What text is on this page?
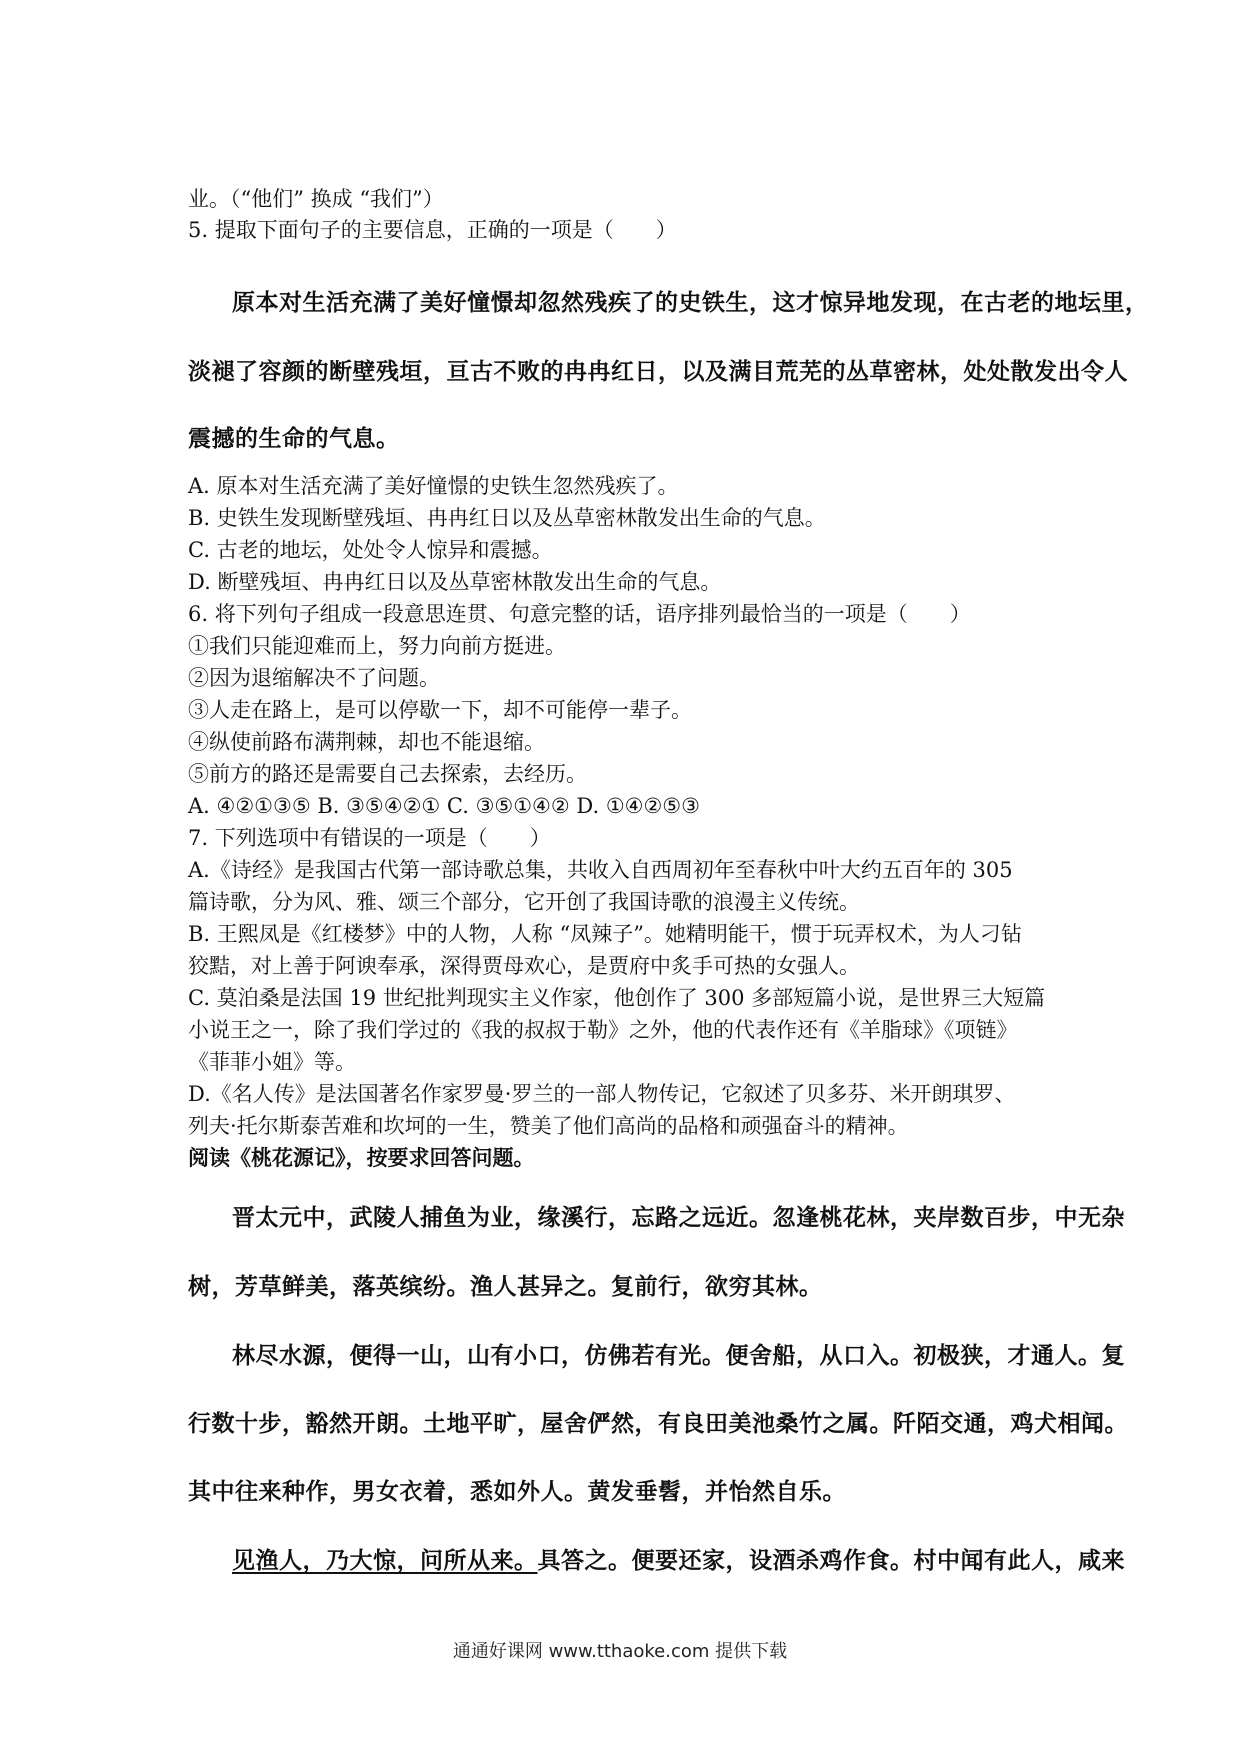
业。（“他们” 换成 “我们”）
5. 提取下面句子的主要信息，正确的一项是（　　）
原本对生活充满了美好憧憬却忽然残疾了的史铁生，这才惊异地发现，在古老的地坛里，
淡褪了容颜的断壁残垣，亘古不败的冉冉红日，以及满目荒芜的丛草密林，处处散发出令人
震撼的生命的气息。
A. 原本对生活充满了美好憧憬的史铁生忽然残疾了。
B. 史铁生发现断壁残垣、冉冉红日以及丛草密林散发出生命的气息。
C. 古老的地坛，处处令人惊异和震撼。
D. 断壁残垣、冉冉红日以及丛草密林散发出生命的气息。
6. 将下列句子组成一段意思连贯、句意完整的话，语序排列最恰当的一项是（　　）
①我们只能迎难而上，努力向前方挺进。
②因为退缩解决不了问题。
③人走在路上，是可以停歇一下，却不可能停一辈子。
④纵使前路布满荆棘，却也不能退缩。
⑤前方的路还是需要自己去探索，去经历。
A. ④②①③⑤ B. ③⑤④②① C. ③⑤①④② D. ①④②⑤③
7. 下列选项中有错误的一项是（　　）
A.《诗经》是我国古代第一部诗歌总集，共收入自西周初年至春秋中叶大约五百年的 305
篇诗歌，分为风、雅、颂三个部分，它开创了我国诗歌的浪漫主义传统。
B. 王熙凤是《红楼梦》中的人物，人称 “凤辣子”。她精明能干，惯于玩弄权术，为人刁钻
狡黠，对上善于阿谀奉承，深得贾母欢心，是贾府中炙手可热的女强人。
C. 莫泊桑是法国 19 世纪批判现实主义作家，他创作了 300 多部短篇小说，是世界三大短篇
小说王之一，除了我们学过的《我的叔叔于勒》之外，他的代表作还有《羊脂球》《项链》
《菲菲小姐》等。
D.《名人传》是法国著名作家罗曼·罗兰的一部人物传记，它叙述了贝多芬、米开朗琪罗、
列夫·托尔斯泰苦难和坎坷的一生，赞美了他们高尚的品格和顽强奋斗的精神。
阅读《桃花源记》，按要求回答问题。
晋太元中，武陵人捕鱼为业，缘溪行，忘路之远近。忽逢桃花林，夹岸数百步，中无杂
树，芳草鲜美，落英缤纷。渔人甚异之。复前行，欲穷其林。
林尽水源，便得一山，山有小口，仿佛若有光。便舍船，从口入。初极狭，才通人。复
行数十步，豁然开朗。土地平旷，屋舍俨然，有良田美池桑竹之属。阡陌交通，鸡犬相闻。
其中往来种作，男女衣着，悉如外人。黄发垂髫，并怡然自乐。
见渔人，乃大惊，问所从来。具答之。便要还家，设酒杀鸡作食。村中闻有此人，咸来
通通好课网 www.tthaoke.com 提供下载
